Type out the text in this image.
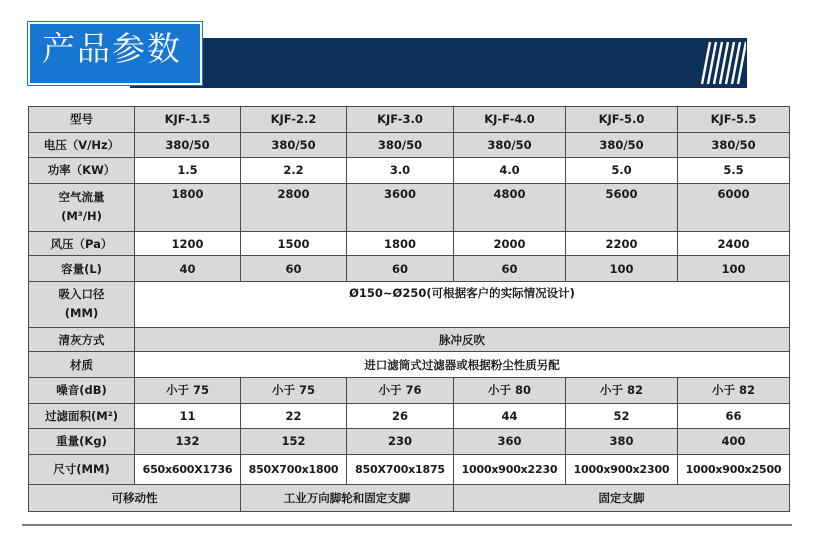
产品参数
型号	KJF-1.5	KJF-2.2	KJF-3.0	KJ-F-4.0	KJF-5.0	KJF-5.5
电压（V/Hz）	380/50	380/50	380/50	380/50	380/50	380/50
功率（KW）	1.5	2.2	3.0	4.0	5.0	5.5

空气流量
(M³/H)	1800	2800	3600	4800	5600	6000
风压（Pa）	1200	1500	1800	2000	2200	2400
容量(L)	40	60	60	60	100	100

吸入口径
(MM)	Ø150~Ø250(可根据客户的实际情况设计)					
清灰方式	脉冲反吹					
材质	进口滤筒式过滤器或根据粉尘性质另配					
噪音(dB)	小于 75	小于 75	小于 76	小于 80	小于 82	小于 82
过滤面积(M²)	11	22	26	44	52	66
重量(Kg)	132	152	230	360	380	400
尺寸(MM)	650x600X1736	850X700x1800	850X700x1875	1000x900x2230	1000x900x2300	1000x900x2500
可移动性		工业万向脚轮和固定支脚		固定支脚		
